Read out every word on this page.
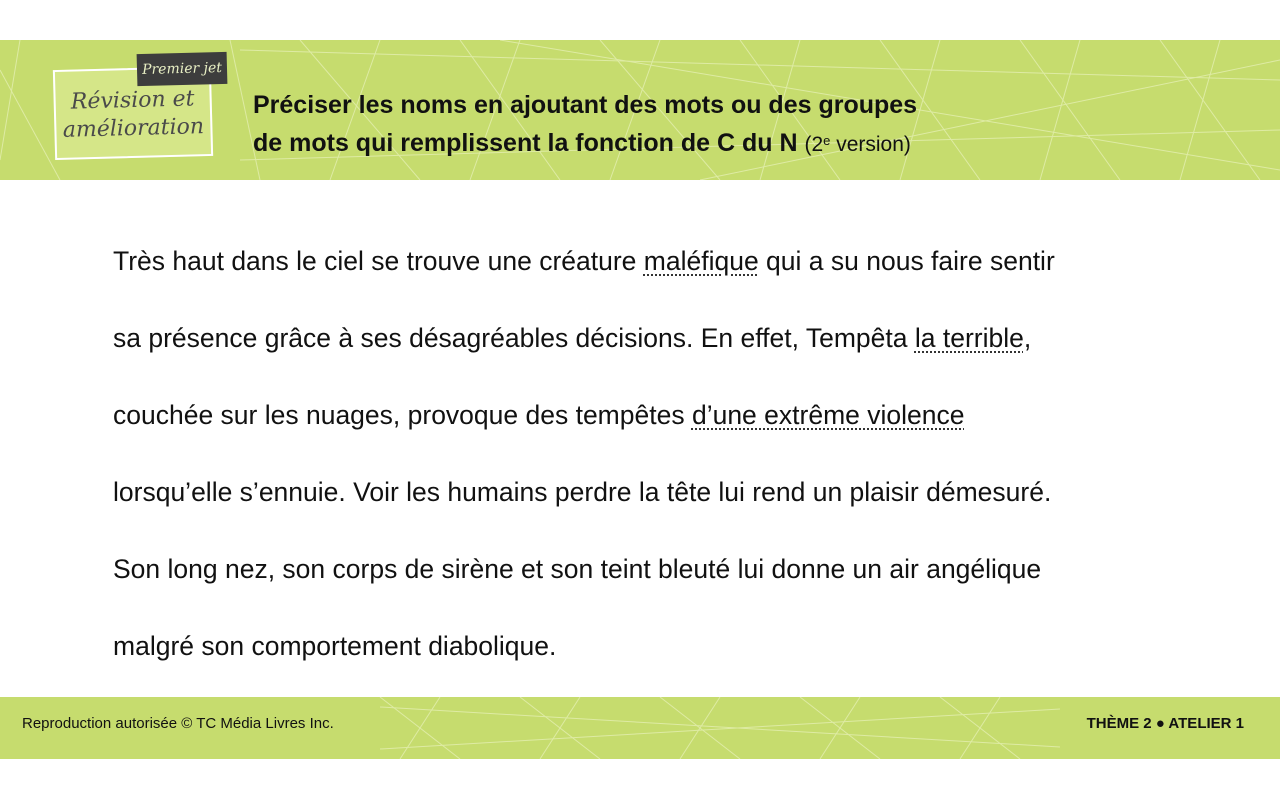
Révision et
amélioration
Premier jet
Préciser les noms en ajoutant des mots ou des groupes
de mots qui remplissent la fonction de C du N (2e version)

Très haut dans le ciel se trouve une créature maléfique qui a su nous faire sentir

sa présence grâce à ses désagréables décisions. En effet, Tempêta la terrible,

couchée sur les nuages, provoque des tempêtes d’une extrême violence

lorsqu’elle s’ennuie. Voir les humains perdre la tête lui rend un plaisir démesuré.

Son long nez, son corps de sirène et son teint bleuté lui donne un air angélique

malgré son comportement diabolique.

Reproduction autorisée © TC Média Livres Inc.	THÈME 2 ● ATELIER 1
